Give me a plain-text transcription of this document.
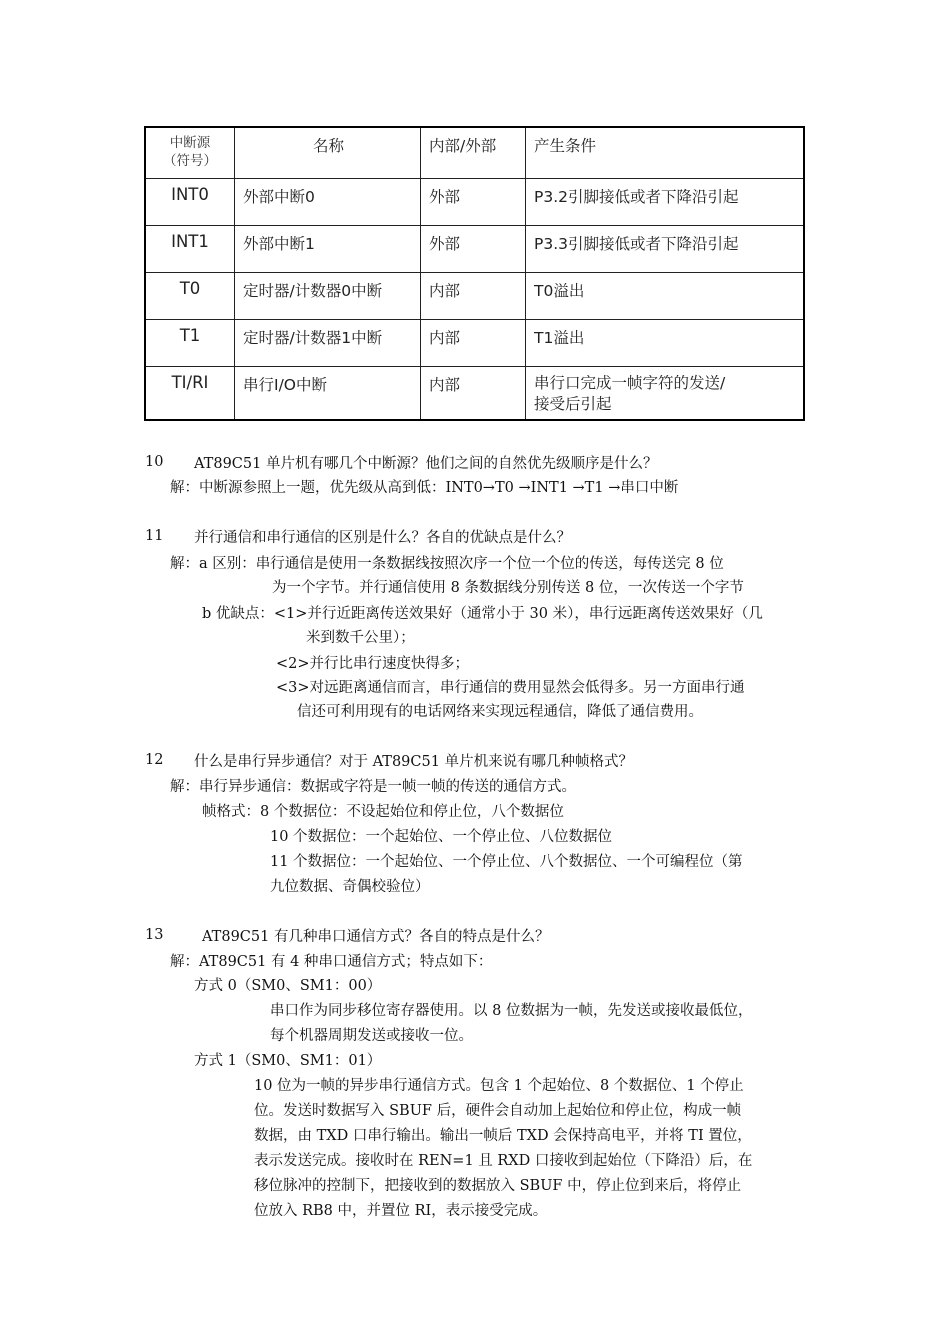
中断源
（符号）	名称	内部/外部	产生条件
INT0	外部中断0	外部	P3.2引脚接低或者下降沿引起
INT1	外部中断1	外部	P3.3引脚接低或者下降沿引起
T0	定时器/计数器0中断	内部	T0溢出
T1	定时器/计数器1中断	内部	T1溢出
TI/RI	串行I/O中断	内部	串行口完成一帧字符的发送/
接受后引起
10 AT89C51 单片机有哪几个中断源？他们之间的自然优先级顺序是什么？
解：中断源参照上一题，优先级从高到低：INT0→T0 →INT1 →T1 →串口中断
11 并行通信和串行通信的区别是什么？各自的优缺点是什么？
解：a 区别：串行通信是使用一条数据线按照次序一个位一个位的传送，每传送完 8 位
为一个字节。并行通信使用 8 条数据线分别传送 8 位，一次传送一个字节
b 优缺点：<1>并行近距离传送效果好（通常小于 30 米），串行远距离传送效果好（几
米到数千公里）；
<2>并行比串行速度快得多；
<3>对远距离通信而言，串行通信的费用显然会低得多。另一方面串行通
信还可利用现有的电话网络来实现远程通信，降低了通信费用。
12 什么是串行异步通信？对于 AT89C51 单片机来说有哪几种帧格式？
解：串行异步通信：数据或字符是一帧一帧的传送的通信方式。
帧格式：8 个数据位：不设起始位和停止位，八个数据位
10 个数据位：一个起始位、一个停止位、八位数据位
11 个数据位：一个起始位、一个停止位、八个数据位、一个可编程位（第
九位数据、奇偶校验位）
13	AT89C51 有几种串口通信方式？各自的特点是什么？
解：AT89C51 有 4 种串口通信方式；特点如下：
方式 0（SM0、SM1：00）
串口作为同步移位寄存器使用。以 8 位数据为一帧，先发送或接收最低位，
每个机器周期发送或接收一位。
方式 1（SM0、SM1：01）
10 位为一帧的异步串行通信方式。包含 1 个起始位、8 个数据位、1 个停止
位。发送时数据写入 SBUF 后，硬件会自动加上起始位和停止位，构成一帧
数据，由 TXD 口串行输出。输出一帧后 TXD 会保持高电平，并将 TI 置位，
表示发送完成。接收时在 REN=1 且 RXD 口接收到起始位（下降沿）后，在
移位脉冲的控制下，把接收到的数据放入 SBUF 中，停止位到来后，将停止
位放入 RB8 中，并置位 RI，表示接受完成。
